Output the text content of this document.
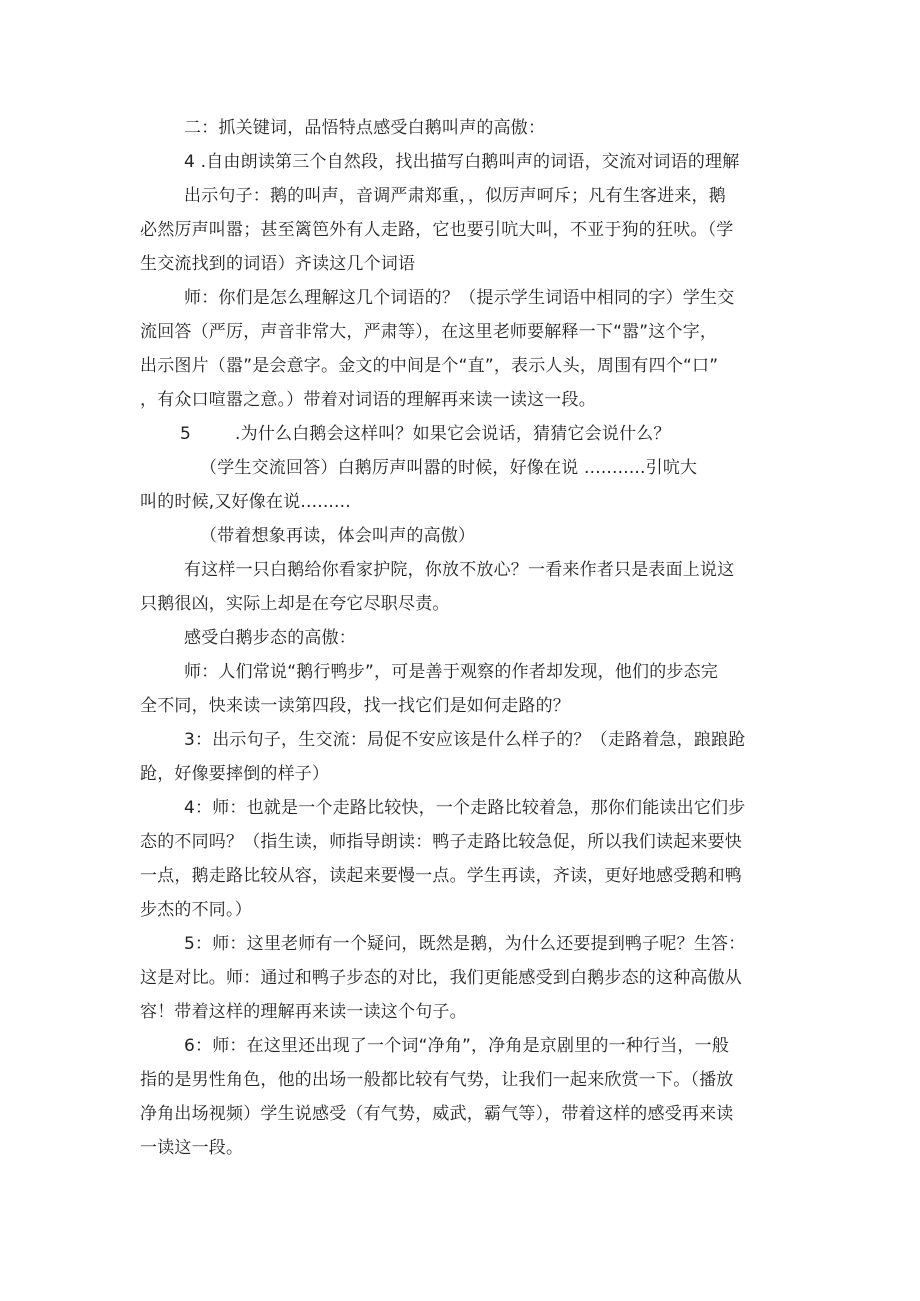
二：抓关键词，品悟特点感受白鹅叫声的高傲：
4 .自由朗读第三个自然段，找出描写白鹅叫声的词语，交流对词语的理解
出示句子：鹅的叫声，音调严肃郑重，，似厉声呵斥；凡有生客进来，鹅
必然厉声叫嚣；甚至篱笆外有人走路，它也要引吭大叫，不亚于狗的狂吠。（学
生交流找到的词语）齐读这几个词语
师：你们是怎么理解这几个词语的？（提示学生词语中相同的字）学生交
流回答（严厉，声音非常大，严肃等），在这里老师要解释一下“嚣”这个字，
出示图片（嚣”是会意字。金文的中间是个“直”，表示人头，周围有四个“口”
，有众口喧嚣之意。）带着对词语的理解再来读一读这一段。
5	.为什么白鹅会这样叫？如果它会说话，猜猜它会说什么？
（学生交流回答）白鹅厉声叫嚣的时候，好像在说 ...........引吭大
叫的时候,又好像在说.........
（带着想象再读，体会叫声的高傲）
有这样一只白鹅给你看家护院，你放不放心？一看来作者只是表面上说这
只鹅很凶，实际上却是在夸它尽职尽责。
感受白鹅步态的高傲：
师：人们常说“鹅行鸭步”，可是善于观察的作者却发现，他们的步态完
全不同，快来读一读第四段，找一找它们是如何走路的？
3：出示句子，生交流：局促不安应该是什么样子的？（走路着急，踉踉跄
跄，好像要摔倒的样子）
4：师：也就是一个走路比较快，一个走路比较着急，那你们能读出它们步
态的不同吗？（指生读，师指导朗读：鸭子走路比较急促，所以我们读起来要快
一点，鹅走路比较从容，读起来要慢一点。学生再读，齐读，更好地感受鹅和鸭
步杰的不同。）
5：师：这里老师有一个疑问，既然是鹅，为什么还要提到鸭子呢？生答：
这是对比。师：通过和鸭子步态的对比，我们更能感受到白鹅步态的这种高傲从
容！带着这样的理解再来读一读这个句子。
6：师：在这里还出现了一个词“净角”，净角是京剧里的一种行当，一般
指的是男性角色，他的出场一般都比较有气势，让我们一起来欣赏一下。（播放
净角出场视频）学生说感受（有气势，威武，霸气等），带着这样的感受再来读
一读这一段。
